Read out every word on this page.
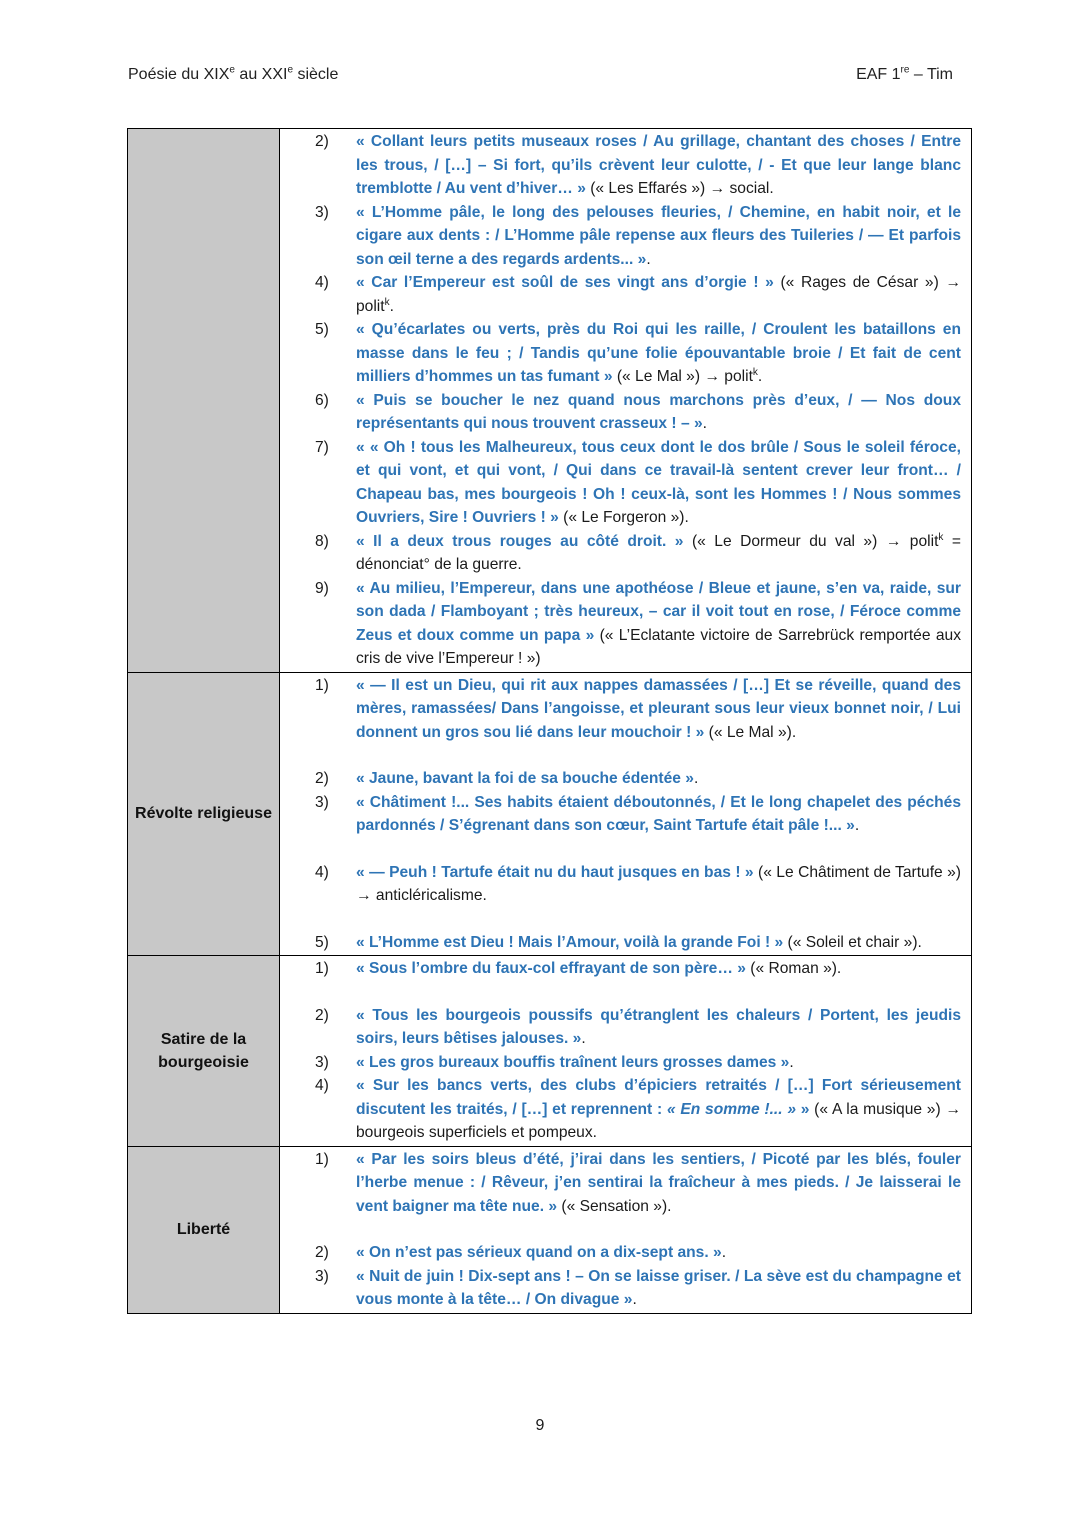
Poésie du XIXe au XXIe siècle	EAF 1re – Tim
2)	« Collant leurs petits museaux roses / Au grillage, chantant des choses / Entre les trous, / […] – Si fort, qu’ils crèvent leur culotte, / - Et que leur lange blanc tremblotte / Au vent d’hiver… » (« Les Effarés ») → social.
3)	« L’Homme pâle, le long des pelouses fleuries, / Chemine, en habit noir, et le cigare aux dents : / L’Homme pâle repense aux fleurs des Tuileries / — Et parfois son œil terne a des regards ardents... ».
4)	« Car l’Empereur est soûl de ses vingt ans d’orgie ! » (« Rages de César ») → polit$^k$.
5)	« Qu’écarlates ou verts, près du Roi qui les raille, / Croulent les bataillons en masse dans le feu ; / Tandis qu’une folie épouvantable broie / Et fait de cent milliers d’hommes un tas fumant » (« Le Mal ») → polit$^k$.
6)	« Puis se boucher le nez quand nous marchons près d’eux, / — Nos doux représentants qui nous trouvent crasseux ! – ».
7)	« « Oh ! tous les Malheureux, tous ceux dont le dos brûle / Sous le soleil féroce, et qui vont, et qui vont, / Qui dans ce travail-là sentent crever leur front… / Chapeau bas, mes bourgeois ! Oh ! ceux-là, sont les Hommes ! / Nous sommes Ouvriers, Sire ! Ouvriers ! » (« Le Forgeron »).
8)	« Il a deux trous rouges au côté droit. » (« Le Dormeur du val ») → polit$^k$ = dénonciat° de la guerre.
9)	« Au milieu, l’Empereur, dans une apothéose / Bleue et jaune, s’en va, raide, sur son dada / Flamboyant ; très heureux, – car il voit tout en rose, / Féroce comme Zeus et doux comme un papa » (« L’Eclatante victoire de Sarrebrück remportée aux cris de vive l’Empereur ! »)
Révolte religieuse
1)	« — Il est un Dieu, qui rit aux nappes damassées / […] Et se réveille, quand des mères, ramassées/ Dans l’angoisse, et pleurant sous leur vieux bonnet noir, / Lui donnent un gros sou lié dans leur mouchoir ! » (« Le Mal »).
2)	« Jaune, bavant la foi de sa bouche édentée ».
3)	« Châtiment !... Ses habits étaient déboutonnés, / Et le long chapelet des péchés pardonnés / S’égrenant dans son cœur, Saint Tartufe était pâle !... ».
4)	« — Peuh ! Tartufe était nu du haut jusques en bas ! » (« Le Châtiment de Tartufe ») → anticléricalisme.
5)	« L’Homme est Dieu ! Mais l’Amour, voilà la grande Foi ! » (« Soleil et chair »).
Satire de la bourgeoisie
1)	« Sous l’ombre du faux-col effrayant de son père… » (« Roman »).
2)	« Tous les bourgeois poussifs qu’étranglent les chaleurs / Portent, les jeudis soirs, leurs bêtises jalouses. ».
3)	« Les gros bureaux bouffis traînent leurs grosses dames ».
4)	« Sur les bancs verts, des clubs d’épiciers retraités / […] Fort sérieusement discutent les traités, / […] et reprennent : « En somme !... » » (« A la musique ») → bourgeois superficiels et pompeux.
Liberté
1)	« Par les soirs bleus d’été, j’irai dans les sentiers, / Picoté par les blés, fouler l’herbe menue : / Rêveur, j’en sentirai la fraîcheur à mes pieds. / Je laisserai le vent baigner ma tête nue. » (« Sensation »).
2)	« On n’est pas sérieux quand on a dix-sept ans. ».
3)	« Nuit de juin ! Dix-sept ans ! – On se laisse griser. / La sève est du champagne et vous monte à la tête… / On divague ».
9
